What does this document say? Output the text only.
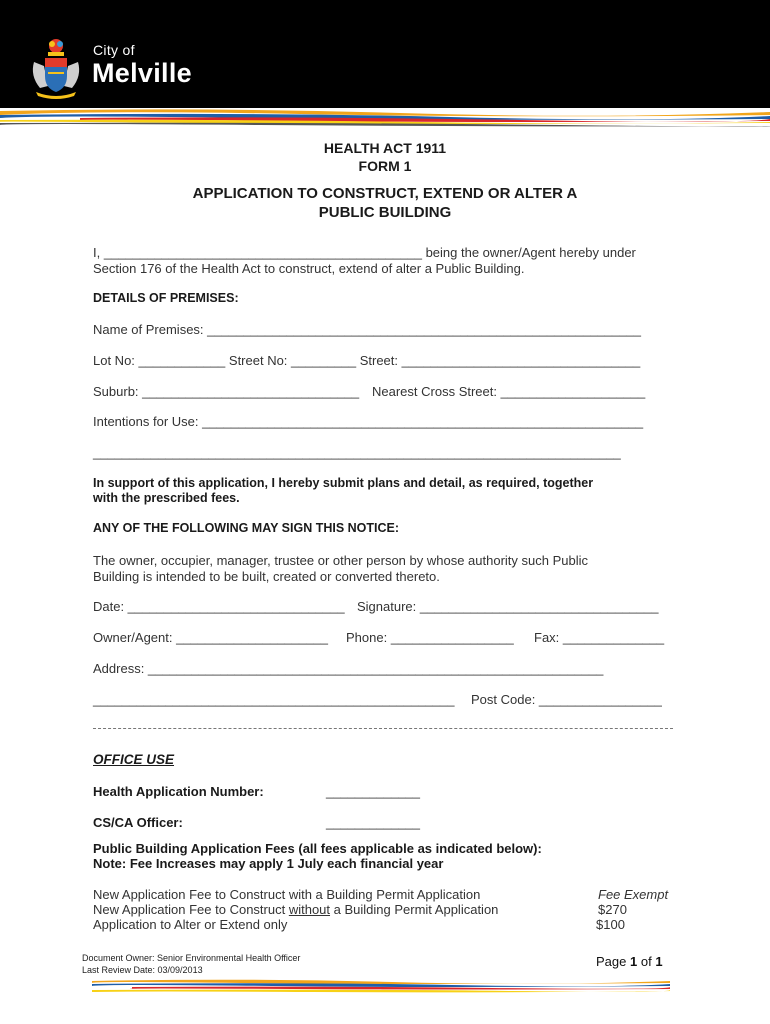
City of
Melville
HEALTH ACT 1911
FORM 1
APPLICATION TO CONSTRUCT, EXTEND OR ALTER A
PUBLIC BUILDING
I, ____________________________________________ being the owner/Agent hereby under
Section 176 of the Health Act to construct, extend of alter a Public Building.
DETAILS OF PREMISES:
Name of Premises: ____________________________________________________________
Lot No: ____________ Street No: _________ Street: _________________________________
Suburb: ______________________________ Nearest Cross Street: ____________________
Intentions for Use: _____________________________________________________________
_________________________________________________________________________
In support of this application, I hereby submit plans and detail, as required, together
with the prescribed fees.
ANY OF THE FOLLOWING MAY SIGN THIS NOTICE:
The owner, occupier, manager, trustee or other person by whose authority such Public
Building is intended to be built, created or converted thereto.
Date: ______________________________ Signature: _________________________________
Owner/Agent: _____________________ Phone: _________________ Fax: ______________
Address: _______________________________________________________________
__________________________________________________ Post Code: _________________
OFFICE USE
Health Application Number:	_____________
CS/CA Officer:	_____________
Public Building Application Fees (all fees applicable as indicated below):
Note: Fee Increases may apply 1 July each financial year
New Application Fee to Construct with a Building Permit Application	Fee Exempt
New Application Fee to Construct without a Building Permit Application	$270
Application to Alter or Extend only	$100
Document Owner: Senior Environmental Health Officer
Last Review Date: 03/09/2013
Page 1 of 1
